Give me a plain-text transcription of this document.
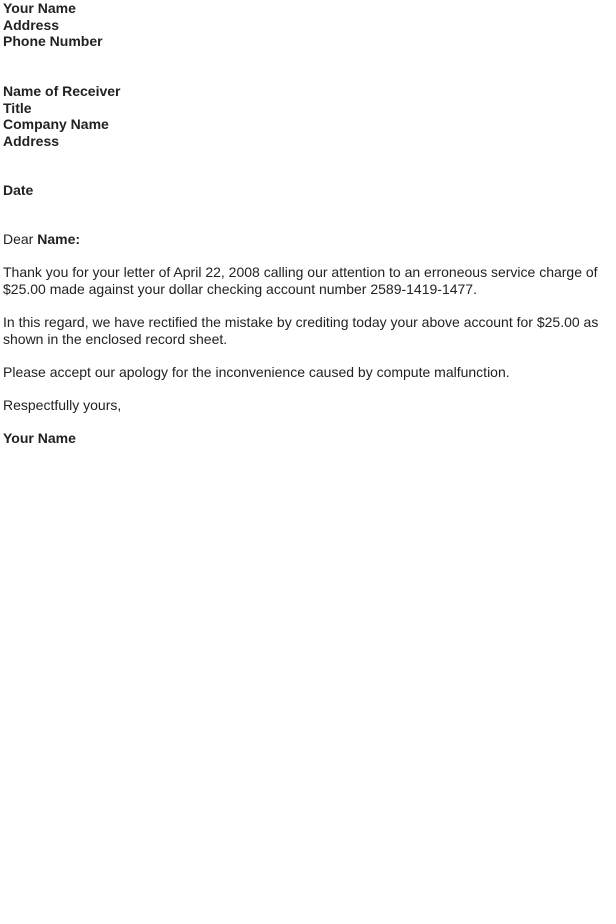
Your Name
Address
Phone Number
Name of Receiver
Title
Company Name
Address
Date
Dear Name:

Thank you for your letter of April 22, 2008 calling our attention to an erroneous service charge of $25.00 made against your dollar checking account number 2589-1419-1477.

In this regard, we have rectified the mistake by crediting today your above account for $25.00 as shown in the enclosed record sheet.

Please accept our apology for the inconvenience caused by compute malfunction.

Respectfully yours,
Your Name
